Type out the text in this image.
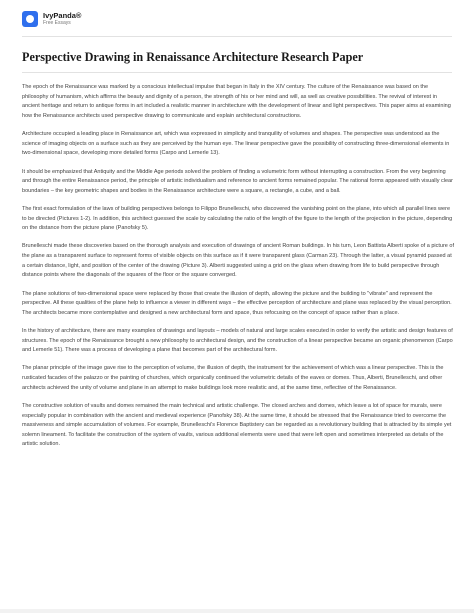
IvyPanda®
Free Essays
Perspective Drawing in Renaissance Architecture Research Paper

The epoch of the Renaissance was marked by a conscious intellectual impulse that began in Italy in the XIV century. The culture of the Renaissance was based on the philosophy of humanism, which affirms the beauty and dignity of a person, the strength of his or her mind and will, as well as creative possibilities. The revival of interest in ancient heritage and return to antique forms in art included a realistic manner in architecture with the development of linear and light perspectives. This paper aims at examining how the Renaissance architects used perspective drawing to communicate and explain architectural constructions.

Architecture occupied a leading place in Renaissance art, which was expressed in simplicity and tranquility of volumes and shapes. The perspective was understood as the science of imaging objects on a surface such as they are perceived by the human eye. The linear perspective gave the possibility of constructing three-dimensional elements in two-dimensional space, developing more detailed forms (Carpo and Lemerle 13).

It should be emphasized that Antiquity and the Middle Age periods solved the problem of finding a volumetric form without interrupting a construction. From the very beginning and through the entire Renaissance period, the principle of artistic individualism and reference to ancient forms remained popular. The rational forms appeared with visually clear boundaries – the key geometric shapes and bodies in the Renaissance architecture were a square, a rectangle, a cube, and a ball.

The first exact formulation of the laws of building perspectives belongs to Filippo Brunelleschi, who discovered the vanishing point on the plane, into which all parallel lines were to be directed (Pictures 1-2). In addition, this architect guessed the scale by calculating the ratio of the length of the figure to the length of the projection in the picture, depending on the distance from the picture plane (Panofsky 5).

Brunelleschi made these discoveries based on the thorough analysis and execution of drawings of ancient Roman buildings. In his turn, Leon Battista Alberti spoke of a picture of the plane as a transparent surface to represent forms of visible objects on this surface as if it were transparent glass (Carman 23). Through the latter, a visual pyramid passed at a certain distance, light, and position of the center of the drawing (Picture 3). Alberti suggested using a grid on the glass when drawing from life to build perspective through distance points where the diagonals of the squares of the floor or the square converged.

The plane solutions of two-dimensional space were replaced by those that create the illusion of depth, allowing the picture and the building to "vibrate" and represent the perspective. All these qualities of the plane help to influence a viewer in different ways – the effective perception of architecture and plane was replaced by the visual perception. The architects became more contemplative and designed a new architectural form and space, thus refocusing on the concept of space rather than a place.

In the history of architecture, there are many examples of drawings and layouts – models of natural and large scales executed in order to verify the artistic and design features of structures. The epoch of the Renaissance brought a new philosophy to architectural design, and the construction of a linear perspective became an organic phenomenon (Carpo and Lemerle 51). There was a process of developing a plane that becomes part of the architectural form.

The planar principle of the image gave rise to the perception of volume, the illusion of depth, the instrument for the achievement of which was a linear perspective. This is the rusticated facades of the palazzo or the painting of churches, which organically continued the volumetric details of the eaves or domes. Thus, Alberti, Brunelleschi, and other architects achieved the unity of volume and plane in an attempt to make buildings look more realistic and, at the same time, reflective of the Renaissance.

The constructive solution of vaults and domes remained the main technical and artistic challenge. The closed arches and domes, which leave a lot of space for murals, were especially popular in combination with the ancient and medieval experience (Panofsky 38). At the same time, it should be stressed that the Renaissance tried to overcome the massiveness and simple accumulation of volumes. For example, Brunelleschi's Florence Baptistery can be regarded as a revolutionary building that is attracted by its simple yet solemn lineament. To facilitate the construction of the system of vaults, various additional elements were used that were left open and sometimes interpreted as details of the artistic solution.
